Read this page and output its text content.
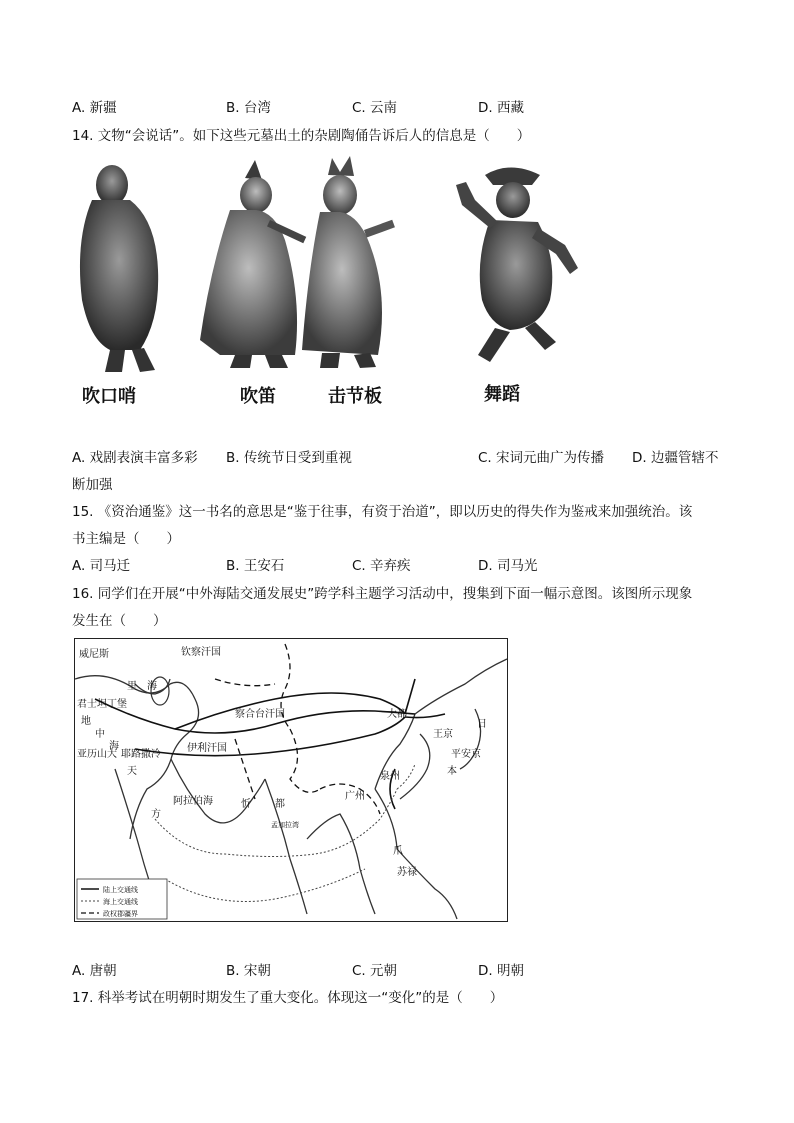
A. 新疆	B. 台湾	C. 云南	D. 西藏
14. 文物“会说话”。如下这些元墓出土的杂剧陶俑告诉后人的信息是（　　）
吹口哨	吹笛	击节板	舞蹈
A. 戏剧表演丰富多彩 B. 传统节日受到重视	C. 宋词元曲广为传播 D. 边疆管辖不
断加强
15. 《资治通鉴》这一书名的意思是“鉴于往事，有资于治道”，即以历史的得失作为鉴戒来加强统治。该
书主编是（　　）
A. 司马迁	B. 王安石	C. 辛弃疾	D. 司马光
16. 同学们在开展“中外海陆交通发展史”跨学科主题学习活动中，搜集到下面一幅示意图。该图所示现象
发生在（　　）
威尼斯	钦察汗国
里 海
君士坦丁堡
地
中
海
亚历山大 耶路撒冷
天
方
察合台汗国
伊利汗国
大都
王京
平安京
日
本
阿拉伯海	忻 都
孟加拉湾
泉州
广州
爪
苏禄
陆上交通线
海上交通线
政权郡疆界
A. 唐朝	B. 宋朝	C. 元朝	D. 明朝
17. 科举考试在明朝时期发生了重大变化。体现这一“变化”的是（　　）
